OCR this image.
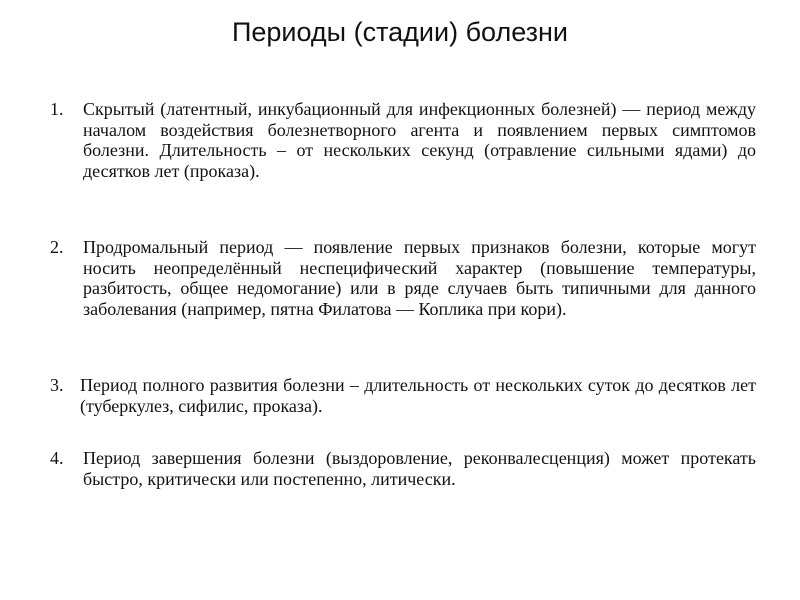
Периоды (стадии) болезни
1. Скрытый (латентный, инкубационный для инфекционных болезней) — период между началом воздействия болезнетворного агента и появлением первых симптомов болезни. Длительность – от нескольких секунд (отравление сильными ядами) до десятков лет (проказа).
2. Продромальный период — появление первых признаков болезни, которые могут носить неопределённый неспецифический характер (повышение температуры, разбитость, общее недомогание) или в ряде случаев быть типичными для данного заболевания (например, пятна Филатова — Коплика при кори).
3. Период полного развития болезни – длительность от нескольких суток до десятков лет (туберкулез, сифилис, проказа).
4. Период завершения болезни (выздоровление, реконвалесценция) может протекать быстро, критически или постепенно, литически.
